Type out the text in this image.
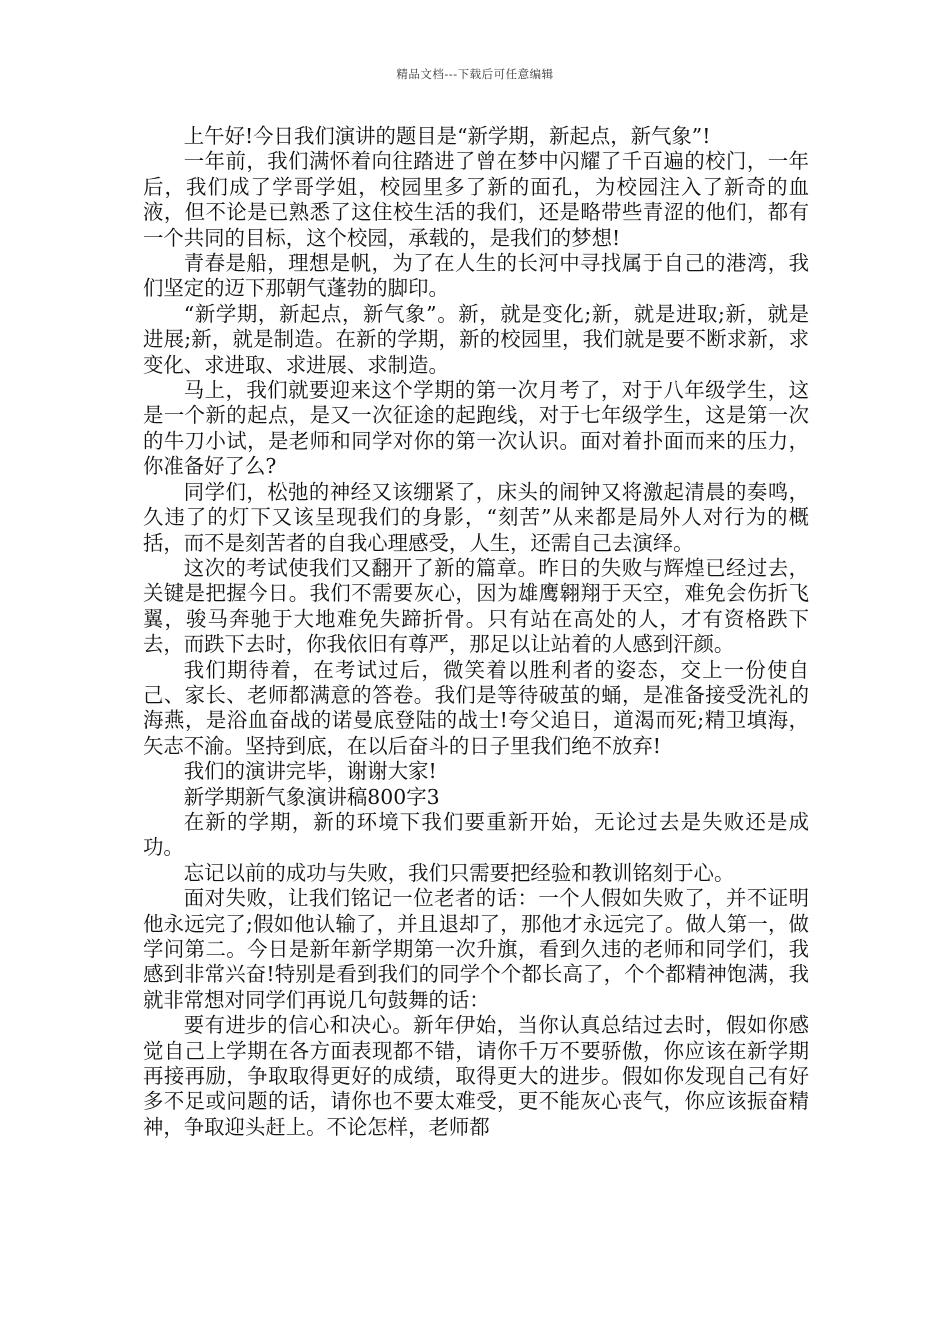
精品文档---下载后可任意编辑

上午好!今日我们演讲的题目是“新学期，新起点，新气象”!

一年前，我们满怀着向往踏进了曾在梦中闪耀了千百遍的校门，一年后，我们成了学哥学姐，校园里多了新的面孔，为校园注入了新奇的血液，但不论是已熟悉了这住校生活的我们，还是略带些青涩的他们，都有一个共同的目标，这个校园，承载的，是我们的梦想!

青春是船，理想是帆，为了在人生的长河中寻找属于自己的港湾，我们坚定的迈下那朝气蓬勃的脚印。

“新学期，新起点，新气象”。新，就是变化;新，就是进取;新，就是进展;新，就是制造。在新的学期，新的校园里，我们就是要不断求新，求变化、求进取、求进展、求制造。

马上，我们就要迎来这个学期的第一次月考了，对于八年级学生，这是一个新的起点，是又一次征途的起跑线，对于七年级学生，这是第一次的牛刀小试，是老师和同学对你的第一次认识。面对着扑面而来的压力，你准备好了么?

同学们，松弛的神经又该绷紧了，床头的闹钟又将激起清晨的奏鸣，久违了的灯下又该呈现我们的身影，“刻苦”从来都是局外人对行为的概括，而不是刻苦者的自我心理感受，人生，还需自己去演绎。

这次的考试使我们又翻开了新的篇章。昨日的失败与辉煌已经过去，关键是把握今日。我们不需要灰心，因为雄鹰翱翔于天空，难免会伤折飞翼，骏马奔驰于大地难免失蹄折骨。只有站在高处的人，才有资格跌下去，而跌下去时，你我依旧有尊严，那足以让站着的人感到汗颜。

我们期待着，在考试过后，微笑着以胜利者的姿态，交上一份使自己、家长、老师都满意的答卷。我们是等待破茧的蛹，是准备接受洗礼的海燕，是浴血奋战的诺曼底登陆的战士!夸父追日，道渴而死;精卫填海，矢志不渝。坚持到底，在以后奋斗的日子里我们绝不放弃!

我们的演讲完毕，谢谢大家!

新学期新气象演讲稿800字3

在新的学期，新的环境下我们要重新开始，无论过去是失败还是成功。

忘记以前的成功与失败，我们只需要把经验和教训铭刻于心。

面对失败，让我们铭记一位老者的话：一个人假如失败了，并不证明他永远完了;假如他认输了，并且退却了，那他才永远完了。做人第一，做学问第二。今日是新年新学期第一次升旗，看到久违的老师和同学们，我感到非常兴奋!特别是看到我们的同学个个都长高了，个个都精神饱满，我就非常想对同学们再说几句鼓舞的话：

要有进步的信心和决心。新年伊始，当你认真总结过去时，假如你感觉自己上学期在各方面表现都不错，请你千万不要骄傲，你应该在新学期再接再励，争取取得更好的成绩，取得更大的进步。假如你发现自己有好多不足或问题的话，请你也不要太难受，更不能灰心丧气，你应该振奋精神，争取迎头赶上。不论怎样，老师都
